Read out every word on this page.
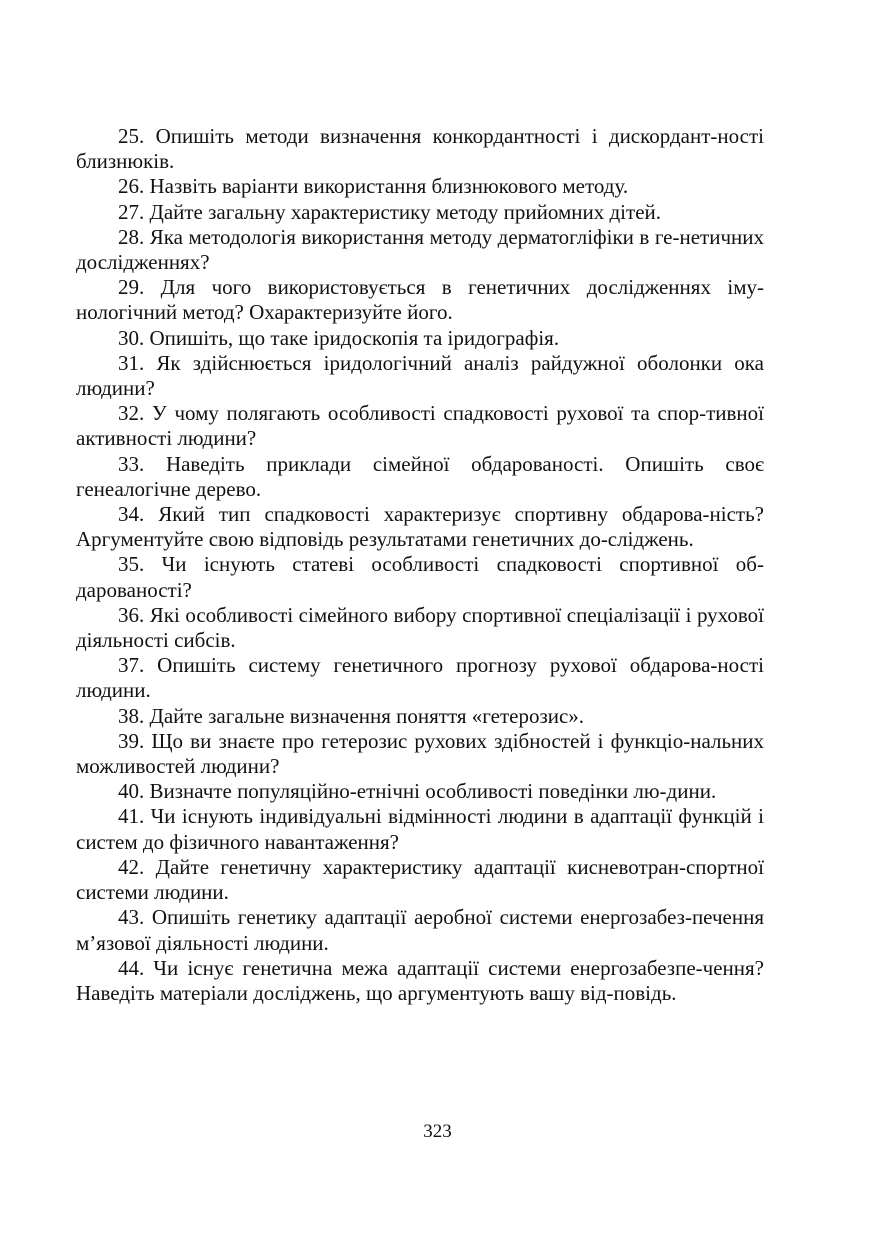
25. Опишіть методи визначення конкордантності і дискордант-ності близнюків.

26. Назвіть варіанти використання близнюкового методу.

27. Дайте загальну характеристику методу прийомних дітей.

28. Яка методологія використання методу дерматогліфіки в ге-нетичних дослідженнях?

29. Для чого використовується в генетичних дослідженнях іму-нологічний метод? Охарактеризуйте його.

30. Опишіть, що таке іридоскопія та іридографія.

31. Як здійснюється іридологічний аналіз райдужної оболонки ока людини?

32. У чому полягають особливості спадковості рухової та спор-тивної активності людини?

33. Наведіть приклади сімейної обдарованості. Опишіть своє генеалогічне дерево.

34. Який тип спадковості характеризує спортивну обдарова-ність? Аргументуйте свою відповідь результатами генетичних до-сліджень.

35. Чи існують статеві особливості спадковості спортивної об-дарованості?

36. Які особливості сімейного вибору спортивної спеціалізації і рухової діяльності сибсів.

37. Опишіть систему генетичного прогнозу рухової обдарова-ності людини.

38. Дайте загальне визначення поняття «гетерозис».

39. Що ви знаєте про гетерозис рухових здібностей і функціо-нальних можливостей людини?

40. Визначте популяційно-етнічні особливості поведінки лю-дини.

41. Чи існують індивідуальні відмінності людини в адаптації функцій і систем до фізичного навантаження?

42. Дайте генетичну характеристику адаптації кисневотран-спортної системи людини.

43. Опишіть генетику адаптації аеробної системи енергозабез-печення м’язової діяльності людини.

44. Чи існує генетична межа адаптації системи енергозабезпе-чення? Наведіть матеріали досліджень, що аргументують вашу від-повідь.

323
